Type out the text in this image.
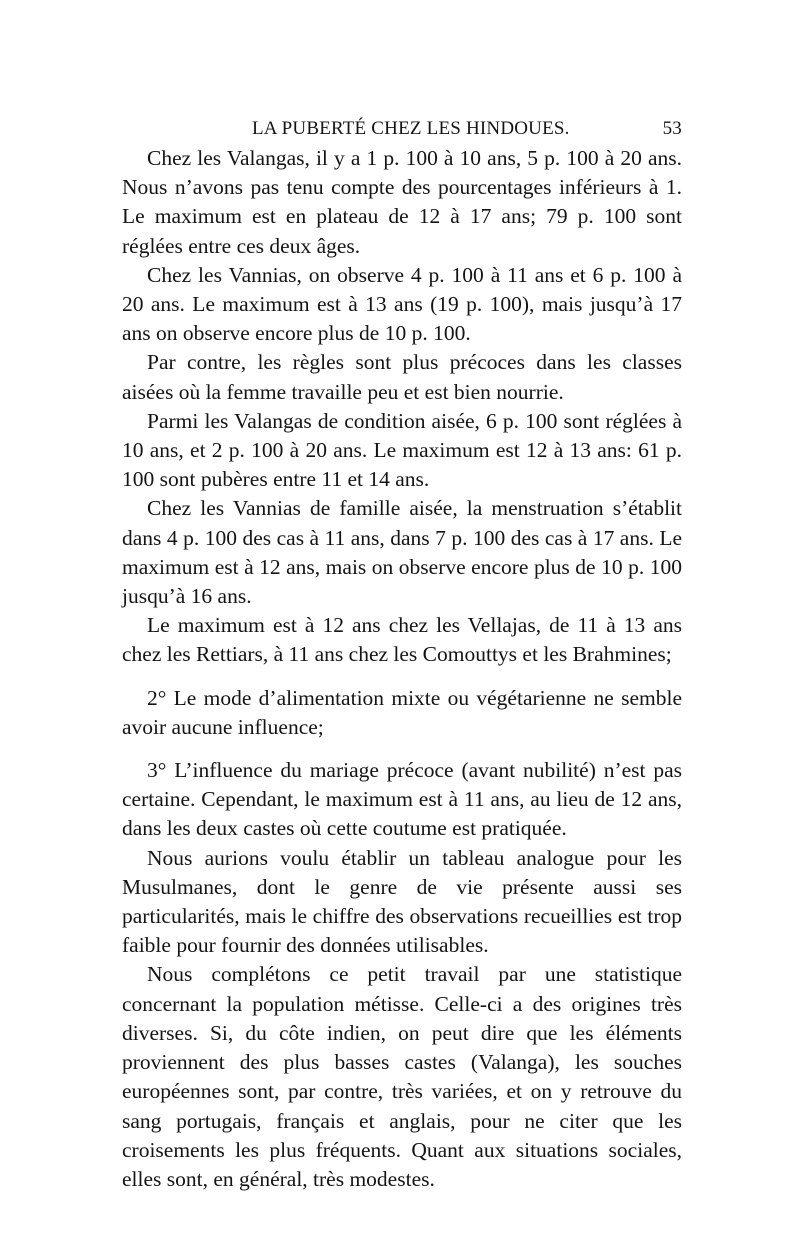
LA PUBERTÉ CHEZ LES HINDOUES.	53

Chez les Valangas, il y a 1 p. 100 à 10 ans, 5 p. 100 à 20 ans. Nous n’avons pas tenu compte des pourcentages inférieurs à 1. Le maximum est en plateau de 12 à 17 ans; 79 p. 100 sont réglées entre ces deux âges.

Chez les Vannias, on observe 4 p. 100 à 11 ans et 6 p. 100 à 20 ans. Le maximum est à 13 ans (19 p. 100), mais jusqu’à 17 ans on observe encore plus de 10 p. 100.

Par contre, les règles sont plus précoces dans les classes aisées où la femme travaille peu et est bien nourrie.

Parmi les Valangas de condition aisée, 6 p. 100 sont réglées à 10 ans, et 2 p. 100 à 20 ans. Le maximum est 12 à 13 ans: 61 p. 100 sont pubères entre 11 et 14 ans.

Chez les Vannias de famille aisée, la menstruation s’établit dans 4 p. 100 des cas à 11 ans, dans 7 p. 100 des cas à 17 ans. Le maximum est à 12 ans, mais on observe encore plus de 10 p. 100 jusqu’à 16 ans.

Le maximum est à 12 ans chez les Vellajas, de 11 à 13 ans chez les Rettiars, à 11 ans chez les Comouttys et les Brahmines;

2° Le mode d’alimentation mixte ou végétarienne ne semble avoir aucune influence;

3° L’influence du mariage précoce (avant nubilité) n’est pas certaine. Cependant, le maximum est à 11 ans, au lieu de 12 ans, dans les deux castes où cette coutume est pratiquée.

Nous aurions voulu établir un tableau analogue pour les Musulmanes, dont le genre de vie présente aussi ses particularités, mais le chiffre des observations recueillies est trop faible pour fournir des données utilisables.

Nous complétons ce petit travail par une statistique concernant la population métisse. Celle-ci a des origines très diverses. Si, du côte indien, on peut dire que les éléments proviennent des plus basses castes (Valanga), les souches européennes sont, par contre, très variées, et on y retrouve du sang portugais, français et anglais, pour ne citer que les croisements les plus fréquents. Quant aux situations sociales, elles sont, en général, très modestes.
